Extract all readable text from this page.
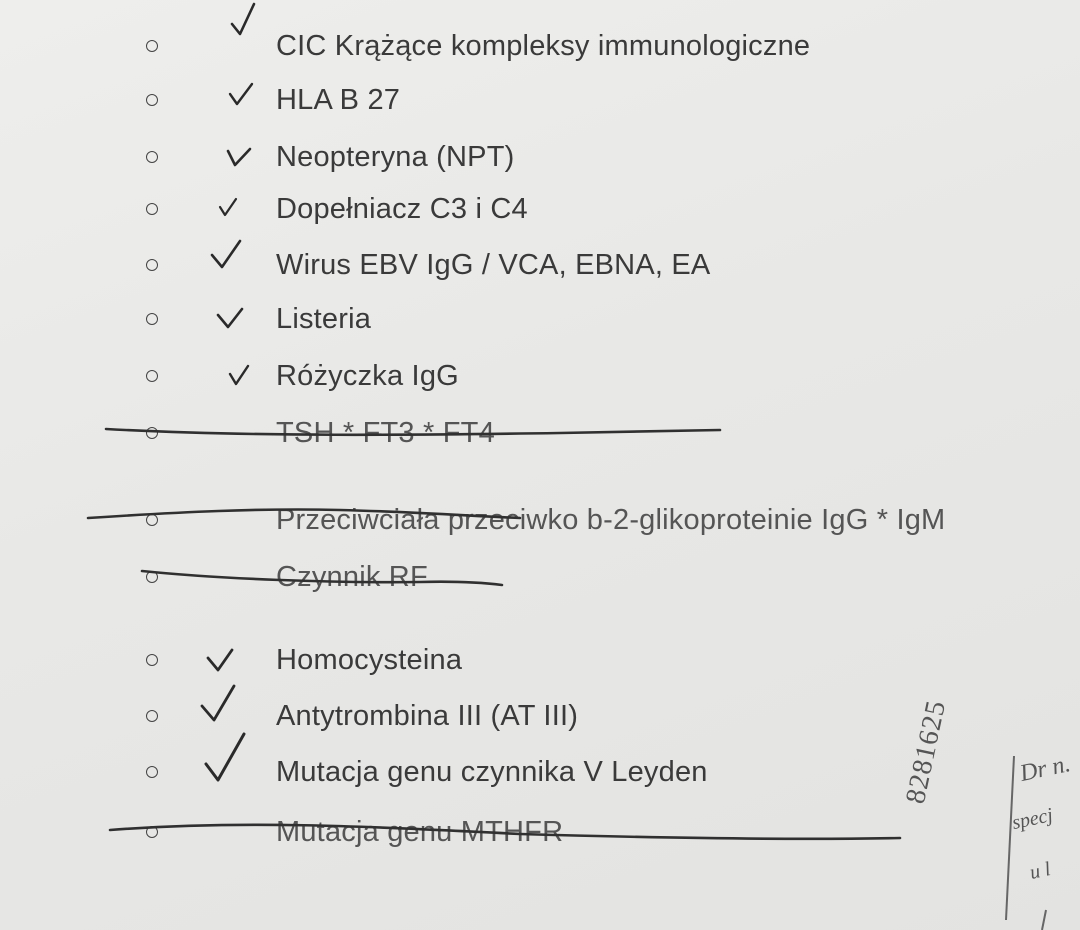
CIC Krążące kompleksy immunologiczne
HLA B 27
Neopteryna (NPT)
Dopełniacz C3 i C4
Wirus EBV IgG / VCA, EBNA, EA
Listeria
Różyczka IgG
TSH * FT3 * FT4
Przeciwciała przeciwko b-2-glikoproteinie IgG * IgM
Czynnik RF
Homocysteina
Antytrombina III (AT III)
Mutacja genu czynnika V Leyden
Mutacja genu MTHFR
8281625	Dr n.
specj
u l
